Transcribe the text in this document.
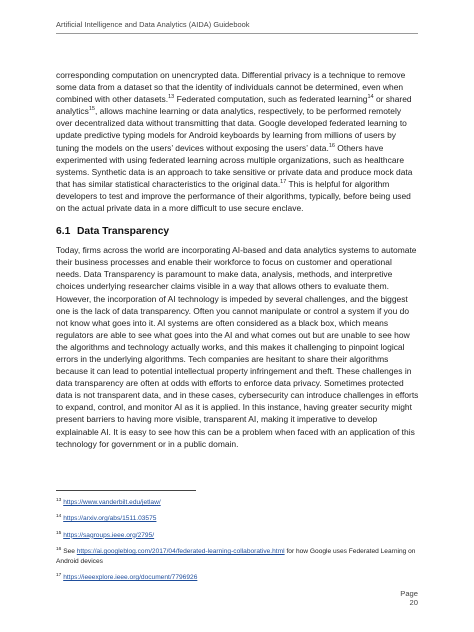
Artificial Intelligence and Data Analytics (AIDA) Guidebook

corresponding computation on unencrypted data. Differential privacy is a technique to remove some data from a dataset so that the identity of individuals cannot be determined, even when combined with other datasets.$^{13}$ Federated computation, such as federated learning$^{14}$ or shared analytics$^{15}$, allows machine learning or data analytics, respectively, to be performed remotely over decentralized data without transmitting that data. Google developed federated learning to update predictive typing models for Android keyboards by learning from millions of users by tuning the models on the users’ devices without exposing the users’ data.$^{16}$ Others have experimented with using federated learning across multiple organizations, such as healthcare systems. Synthetic data is an approach to take sensitive or private data and produce mock data that has similar statistical characteristics to the original data.$^{17}$ This is helpful for algorithm developers to test and improve the performance of their algorithms, typically, before being used on the actual private data in a more difficult to use secure enclave.

6.1 Data Transparency

Today, firms across the world are incorporating AI-based and data analytics systems to automate their business processes and enable their workforce to focus on customer and operational needs. Data Transparency is paramount to make data, analysis, methods, and interpretive choices underlying researcher claims visible in a way that allows others to evaluate them. However, the incorporation of AI technology is impeded by several challenges, and the biggest one is the lack of data transparency. Often you cannot manipulate or control a system if you do not know what goes into it. AI systems are often considered as a black box, which means regulators are able to see what goes into the AI and what comes out but are unable to see how the algorithms and technology actually works, and this makes it challenging to pinpoint logical errors in the underlying algorithms. Tech companies are hesitant to share their algorithms because it can lead to potential intellectual property infringement and theft. These challenges in data transparency are often at odds with efforts to enforce data privacy. Sometimes protected data is not transparent data, and in these cases, cybersecurity can introduce challenges in efforts to expand, control, and monitor AI as it is applied. In this instance, having greater security might present barriers to having more visible, transparent AI, making it imperative to develop explainable AI. It is easy to see how this can be a problem when faced with an application of this technology for government or in a public domain.

$^{13}$ https://www.vanderbilt.edu/jetlaw/
$^{14}$ https://arxiv.org/abs/1511.03575
$^{15}$ https://sagroups.ieee.org/2795/
$^{16}$ See https://ai.googleblog.com/2017/04/federated-learning-collaborative.html for how Google uses Federated Learning on Android devices
$^{17}$ https://ieeexplore.ieee.org/document/7796926
Page 20
